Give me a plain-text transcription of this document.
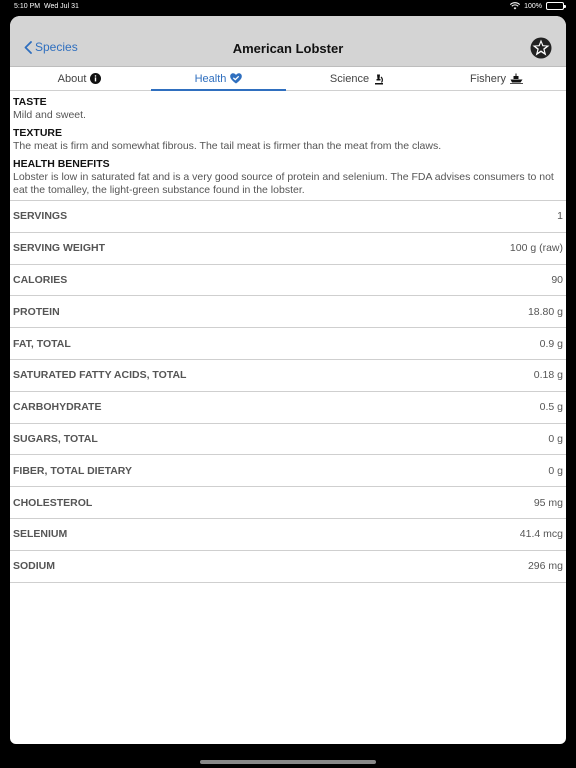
5:10 PM Wed Jul 31	100%
Species	American Lobster
About	Health	Science	Fishery
TASTE
Mild and sweet.
TEXTURE
The meat is firm and somewhat fibrous. The tail meat is firmer than the meat from the claws.
HEALTH BENEFITS
Lobster is low in saturated fat and is a very good source of protein and selenium. The FDA advises consumers to not eat the tomalley, the light-green substance found in the lobster.
SERVINGS	1
SERVING WEIGHT	100 g (raw)
CALORIES	90
PROTEIN	18.80 g
FAT, TOTAL	0.9 g
SATURATED FATTY ACIDS, TOTAL	0.18 g
CARBOHYDRATE	0.5 g
SUGARS, TOTAL	0 g
FIBER, TOTAL DIETARY	0 g
CHOLESTEROL	95 mg
SELENIUM	41.4 mcg
SODIUM	296 mg
